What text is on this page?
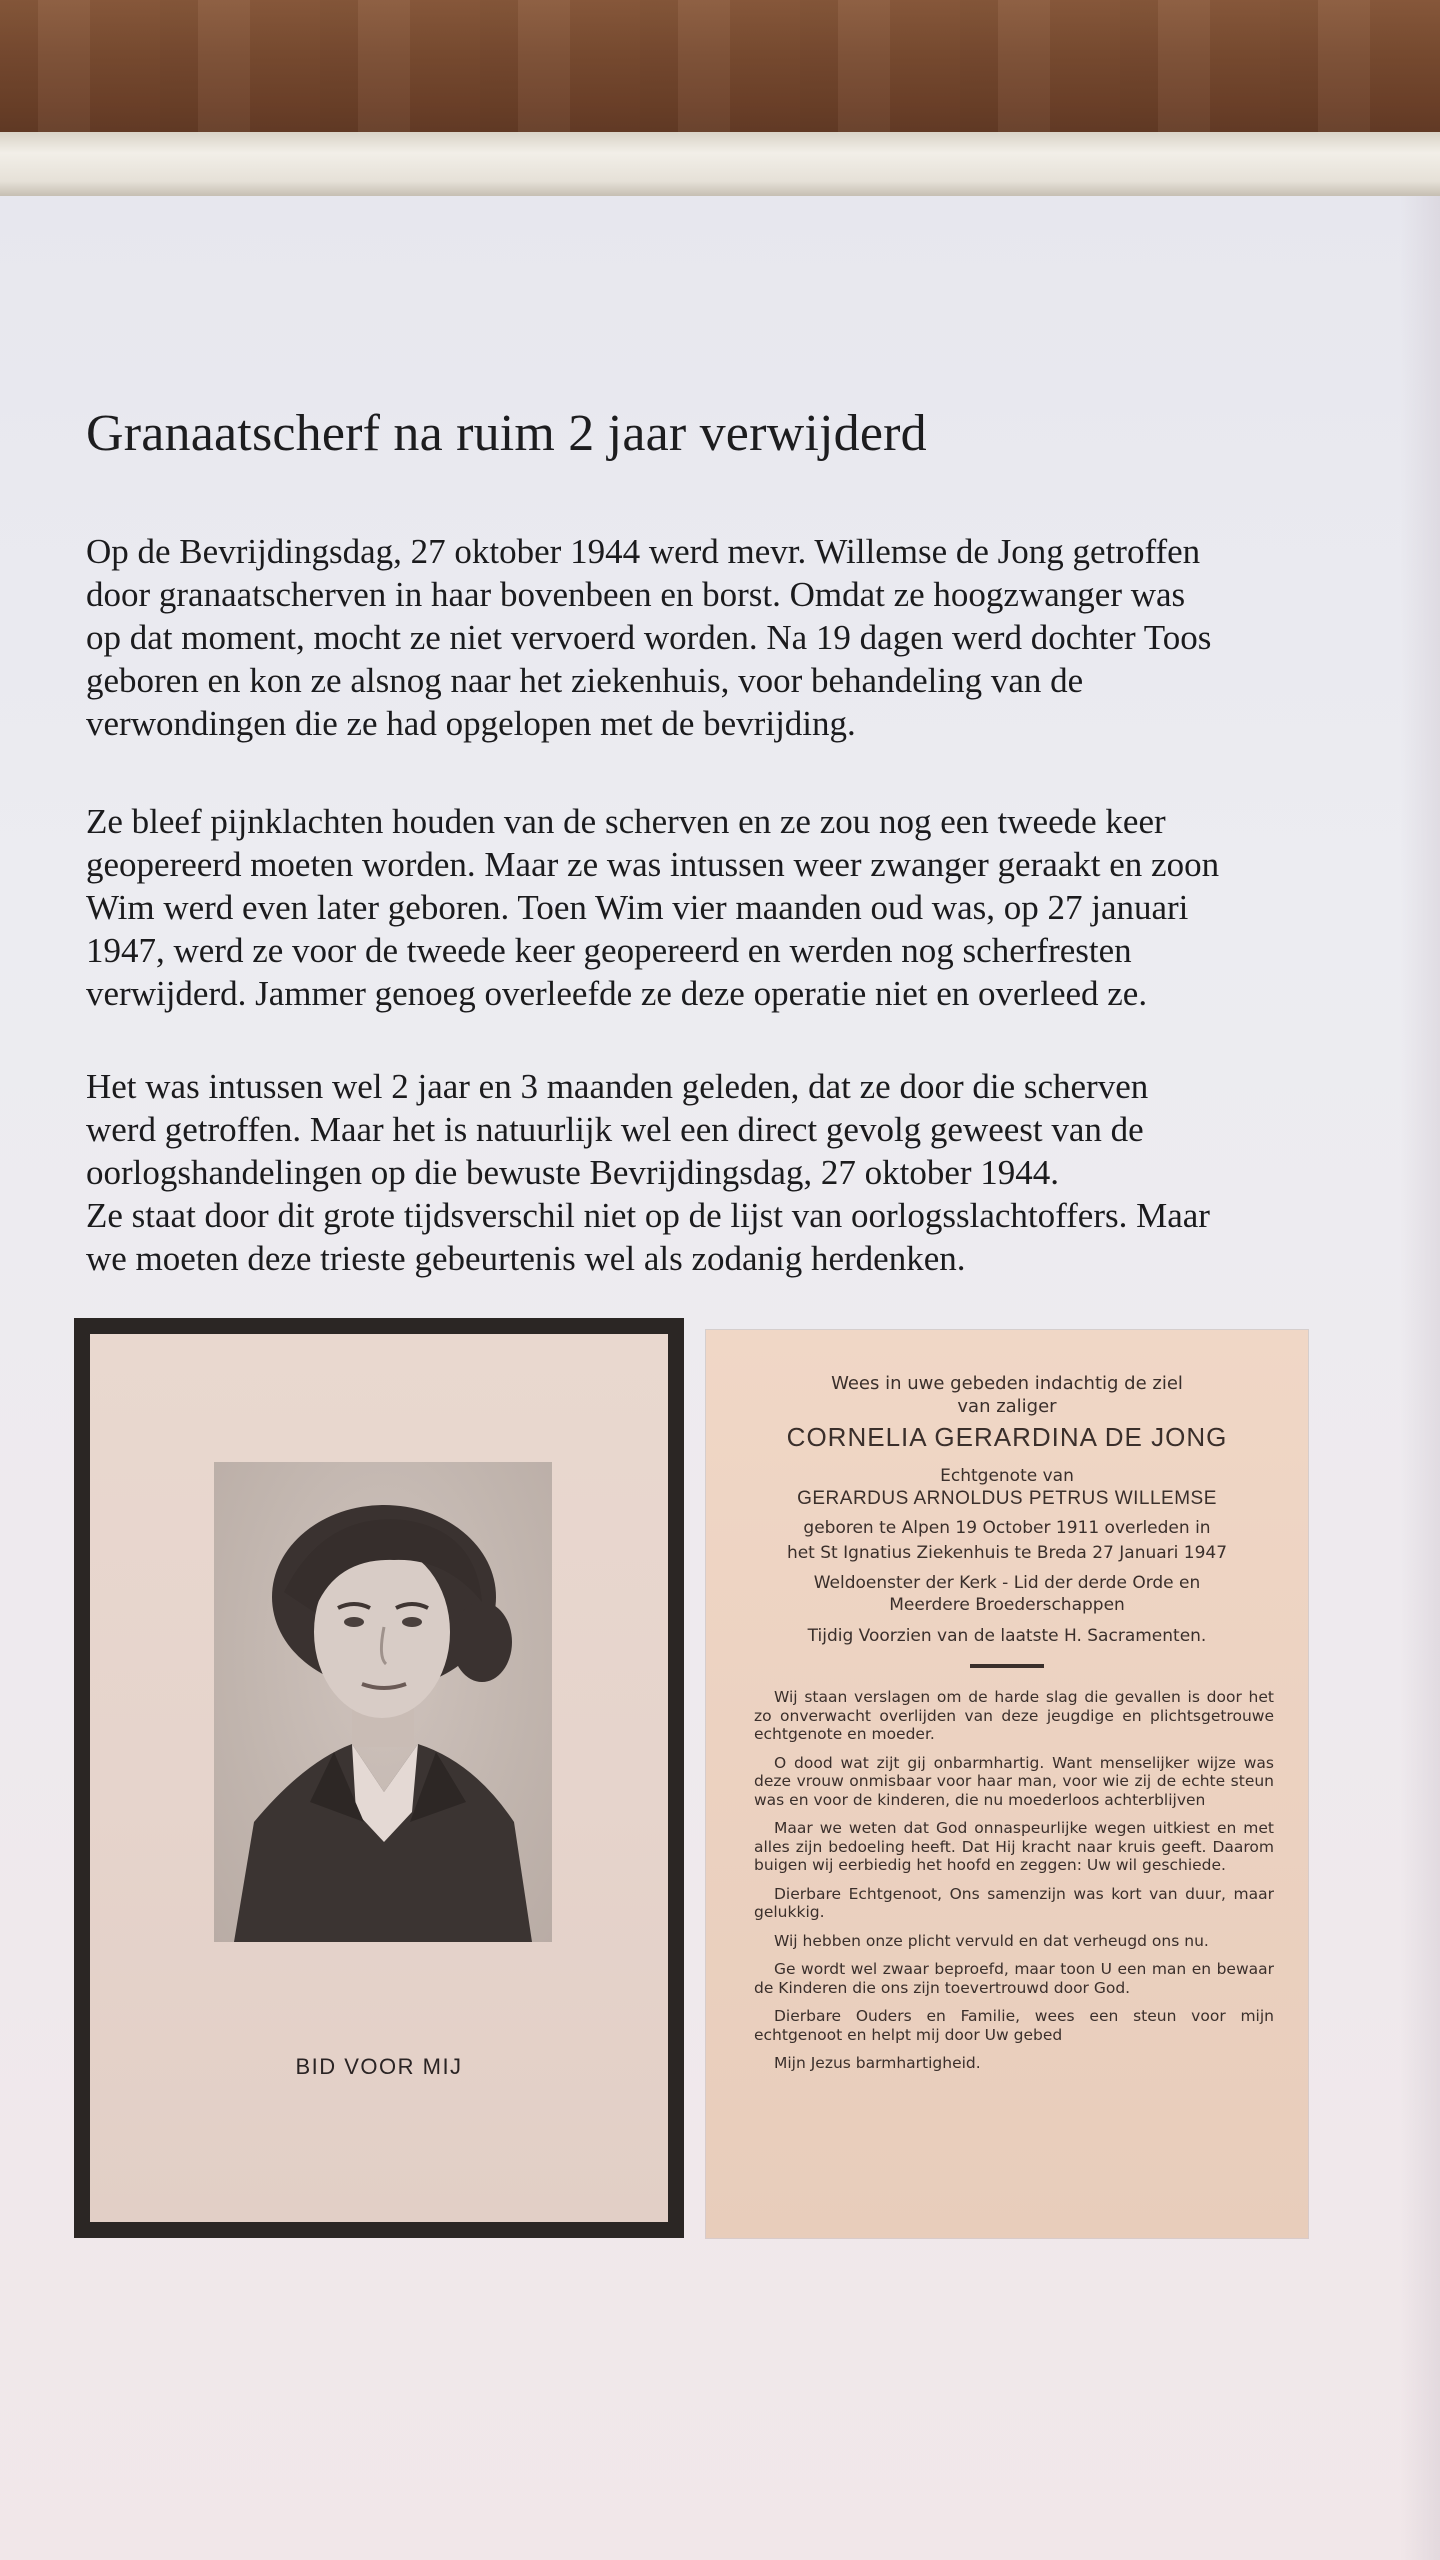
Granaatscherf na ruim 2 jaar verwijderd
Op de Bevrijdingsdag, 27 oktober 1944 werd mevr. Willemse de Jong getroffen
door granaatscherven in haar bovenbeen en borst. Omdat ze hoogzwanger was
op dat moment, mocht ze niet vervoerd worden. Na 19 dagen werd dochter Toos
geboren en kon ze alsnog naar het ziekenhuis, voor behandeling van de
verwondingen die ze had opgelopen met de bevrijding.
Ze bleef pijnklachten houden van de scherven en ze zou nog een tweede keer
geopereerd moeten worden. Maar ze was intussen weer zwanger geraakt en zoon
Wim werd even later geboren. Toen Wim vier maanden oud was, op 27 januari
1947, werd ze voor de tweede keer geopereerd en werden nog scherfresten
verwijderd. Jammer genoeg overleefde ze deze operatie niet en overleed ze.
Het was intussen wel 2 jaar en 3 maanden geleden, dat ze door die scherven
werd getroffen. Maar het is natuurlijk wel een direct gevolg geweest van de
oorlogshandelingen op die bewuste Bevrijdingsdag, 27 oktober 1944.
Ze staat door dit grote tijdsverschil niet op de lijst van oorlogsslachtoffers. Maar
we moeten deze trieste gebeurtenis wel als zodanig herdenken.
BID VOOR MIJ
Wees in uwe gebeden indachtig de ziel
van zaliger
CORNELIA GERARDINA DE JONG
Echtgenote van
GERARDUS ARNOLDUS PETRUS WILLEMSE
geboren te Alpen 19 October 1911 overleden in
het St Ignatius Ziekenhuis te Breda 27 Januari 1947
Weldoenster der Kerk - Lid der derde Orde en
Meerdere Broederschappen
Tijdig Voorzien van de laatste H. Sacramenten.

Wij staan verslagen om de harde slag die gevallen is door het zo onverwacht overlijden van deze jeugdige en plichtsgetrouwe echtgenote en moeder.

O dood wat zijt gij onbarmhartig. Want menselijker wijze was deze vrouw onmisbaar voor haar man, voor wie zij de echte steun was en voor de kinderen, die nu moederloos achterblijven

Maar we weten dat God onnaspeurlijke wegen uitkiest en met alles zijn bedoeling heeft. Dat Hij kracht naar kruis geeft. Daarom buigen wij eerbiedig het hoofd en zeggen: Uw wil geschiede.

Dierbare Echtgenoot, Ons samenzijn was kort van duur, maar gelukkig.

Wij hebben onze plicht vervuld en dat verheugd ons nu.

Ge wordt wel zwaar beproefd, maar toon U een man en bewaar de Kinderen die ons zijn toevertrouwd door God.

Dierbare Ouders en Familie, wees een steun voor mijn echtgenoot en helpt mij door Uw gebed

Mijn Jezus barmhartigheid.
